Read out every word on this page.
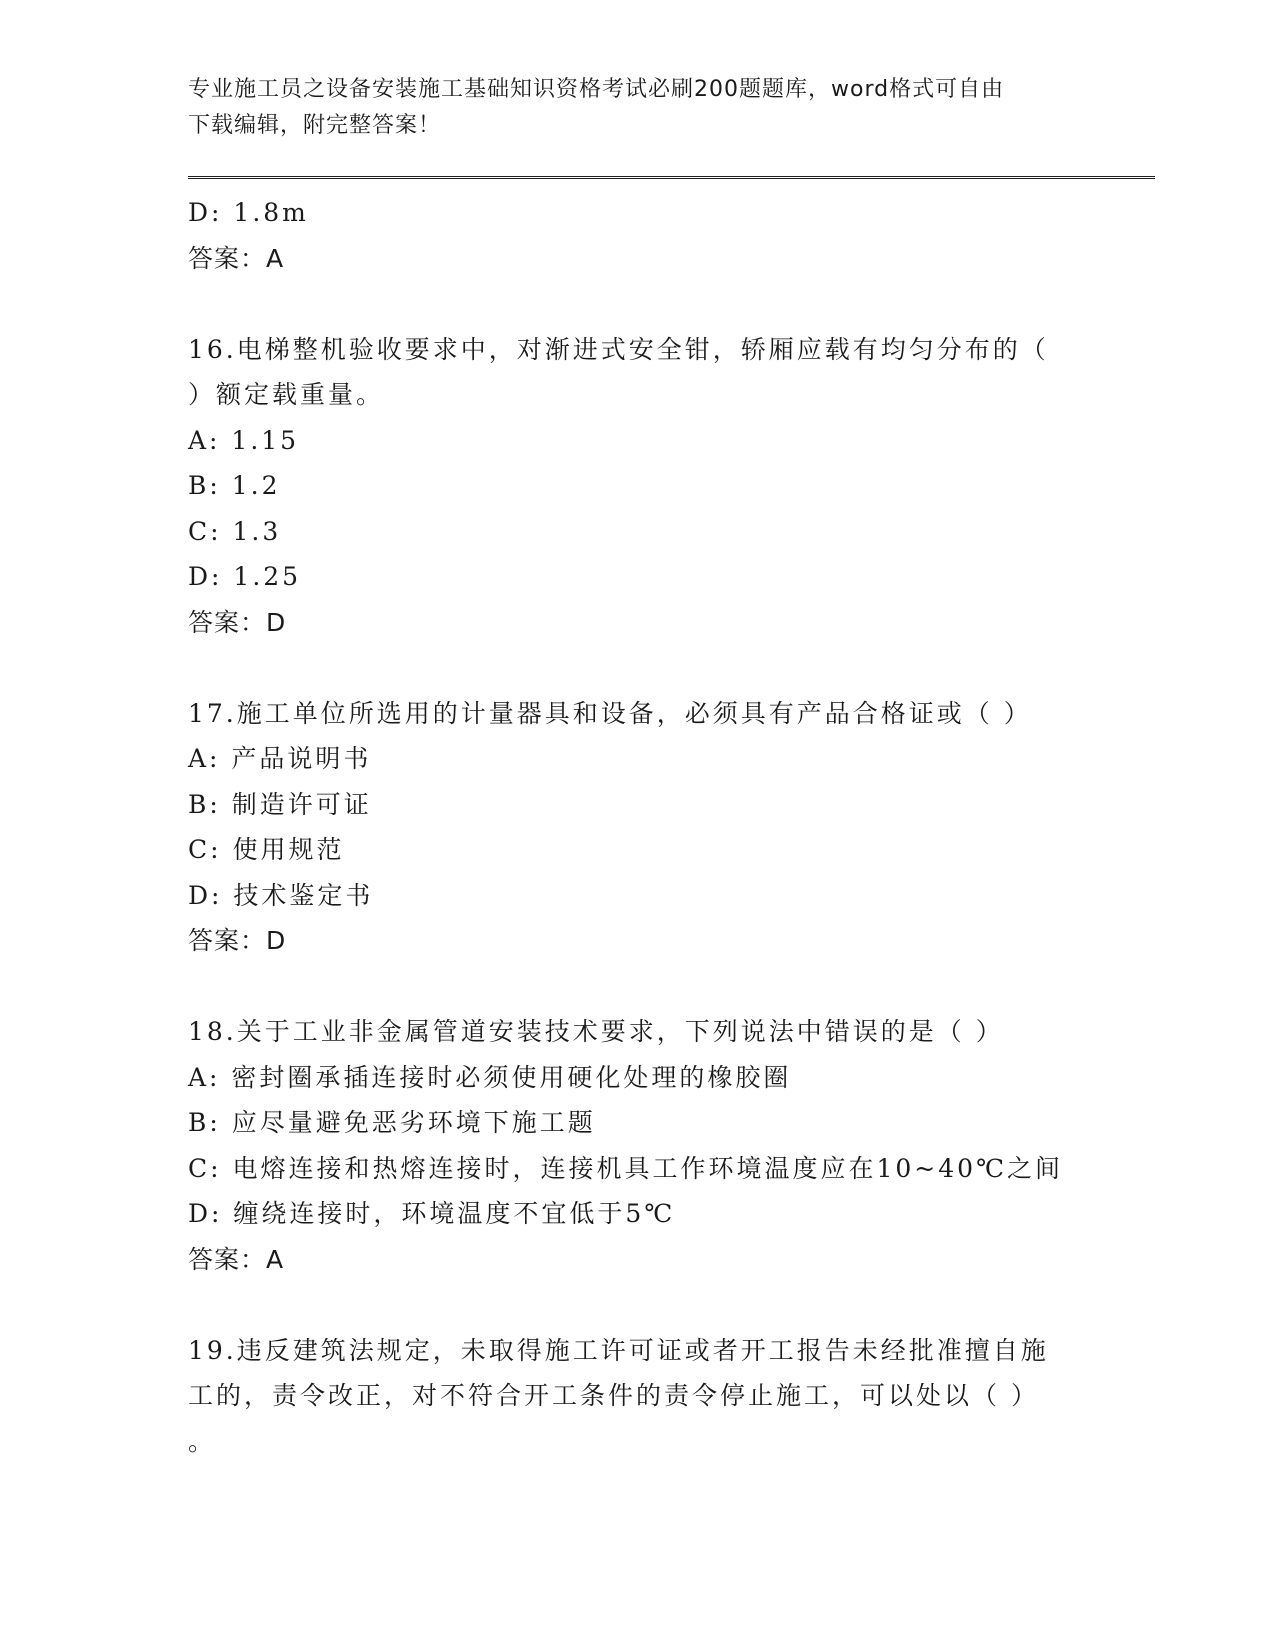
专业施工员之设备安装施工基础知识资格考试必刷200题题库，word格式可自由
下载编辑，附完整答案！
D: 1.8m
答案：A
16.电梯整机验收要求中，对渐进式安全钳，轿厢应载有均匀分布的（
）额定载重量。
A: 1.15
B: 1.2
C: 1.3
D: 1.25
答案：D
17.施工单位所选用的计量器具和设备，必须具有产品合格证或（ ）
A: 产品说明书
B: 制造许可证
C: 使用规范
D: 技术鉴定书
答案：D
18.关于工业非金属管道安装技术要求，下列说法中错误的是（ ）
A: 密封圈承插连接时必须使用硬化处理的橡胶圈
B: 应尽量避免恶劣环境下施工题
C: 电熔连接和热熔连接时，连接机具工作环境温度应在10~40℃之间
D: 缠绕连接时，环境温度不宜低于5℃
答案：A
19.违反建筑法规定，未取得施工许可证或者开工报告未经批准擅自施
工的，责令改正，对不符合开工条件的责令停止施工，可以处以（ ）
。
